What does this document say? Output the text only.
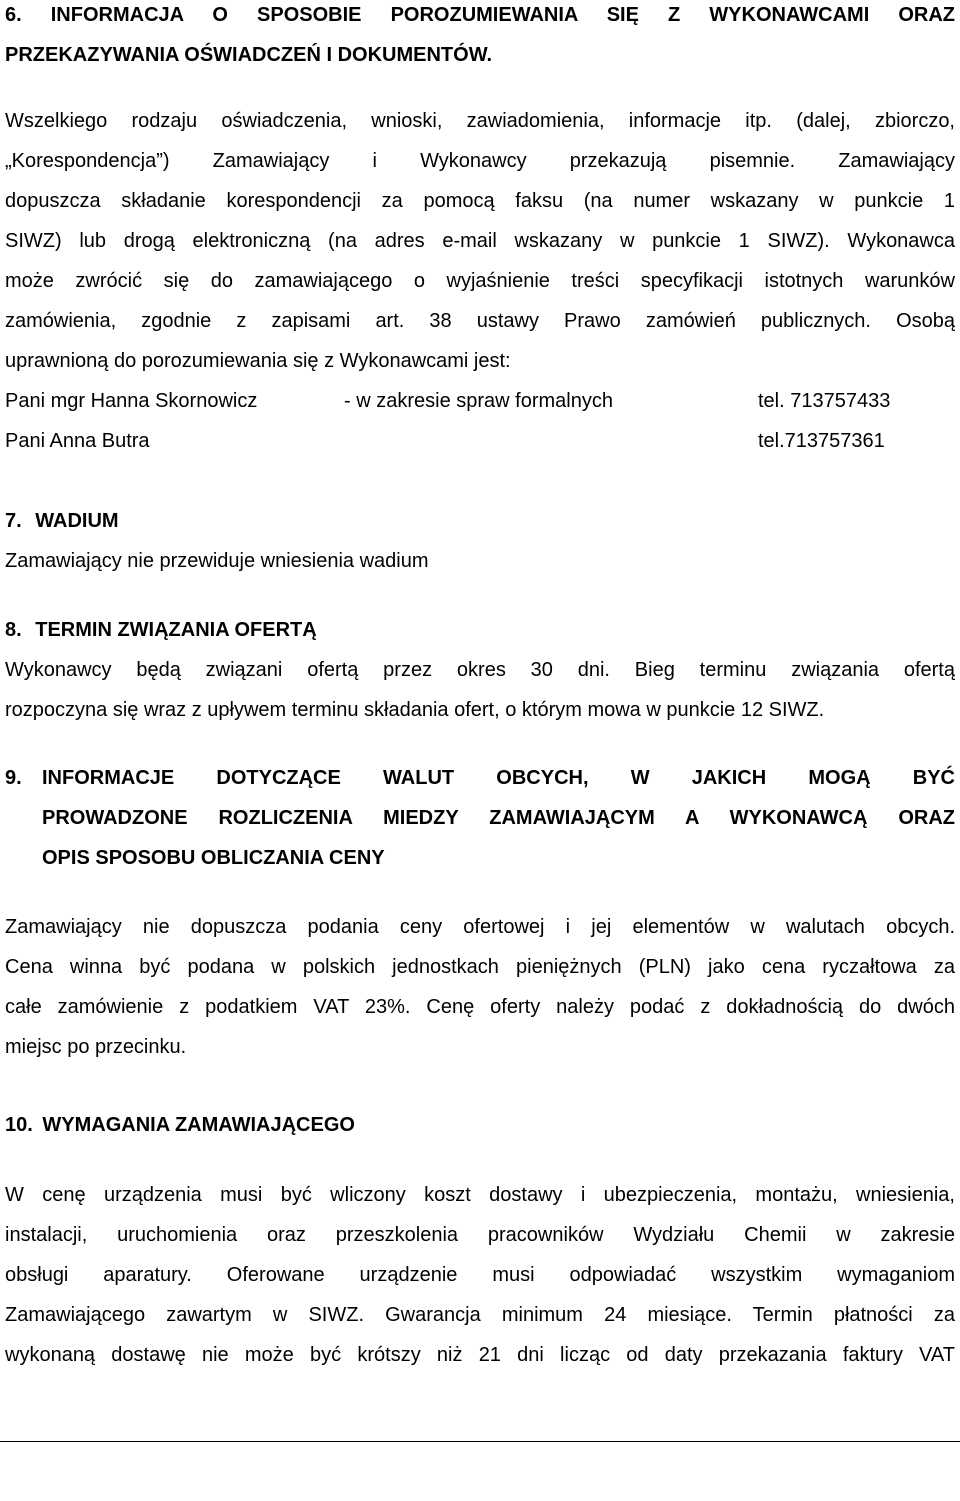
6. INFORMACJA O SPOSOBIE POROZUMIEWANIA SIĘ Z WYKONAWCAMI ORAZ
PRZEKAZYWANIA OŚWIADCZEŃ I DOKUMENTÓW.
Wszelkiego rodzaju oświadczenia, wnioski, zawiadomienia, informacje itp. (dalej, zbiorczo,
„Korespondencja”) Zamawiający i Wykonawcy przekazują pisemnie. Zamawiający
dopuszcza składanie korespondencji za pomocą faksu (na numer wskazany w punkcie 1
SIWZ) lub drogą elektroniczną (na adres e-mail wskazany w punkcie 1 SIWZ). Wykonawca
może zwrócić się do zamawiającego o wyjaśnienie treści specyfikacji istotnych warunków
zamówienia, zgodnie z zapisami art. 38 ustawy Prawo zamówień publicznych. Osobą
uprawnioną do porozumiewania się z Wykonawcami jest:
Pani mgr Hanna Skornowicz	- w zakresie spraw formalnych	tel. 713757433
Pani Anna Butra	tel.713757361
7. WADIUM
Zamawiający nie przewiduje wniesienia wadium
8. TERMIN ZWIĄZANIA OFERTĄ
Wykonawcy będą związani ofertą przez okres 30 dni. Bieg terminu związania ofertą
rozpoczyna się wraz z upływem terminu składania ofert, o którym mowa w punkcie 12 SIWZ.
9.	INFORMACJE DOTYCZĄCE WALUT OBCYCH, W JAKICH MOGĄ BYĆ
PROWADZONE ROZLICZENIA MIEDZY ZAMAWIAJĄCYM A WYKONAWCĄ ORAZ
OPIS SPOSOBU OBLICZANIA CENY
Zamawiający nie dopuszcza podania ceny ofertowej i jej elementów w walutach obcych.
Cena winna być podana w polskich jednostkach pieniężnych (PLN) jako cena ryczałtowa za
całe zamówienie z podatkiem VAT 23%. Cenę oferty należy podać z dokładnością do dwóch
miejsc po przecinku.
10. WYMAGANIA ZAMAWIAJĄCEGO
W cenę urządzenia musi być wliczony koszt dostawy i ubezpieczenia, montażu, wniesienia,
instalacji, uruchomienia oraz przeszkolenia pracowników Wydziału Chemii w zakresie
obsługi aparatury. Oferowane urządzenie musi odpowiadać wszystkim wymaganiom
Zamawiającego zawartym w SIWZ. Gwarancja minimum 24 miesiące. Termin płatności za
wykonaną dostawę nie może być krótszy niż 21 dni licząc od daty przekazania faktury VAT
